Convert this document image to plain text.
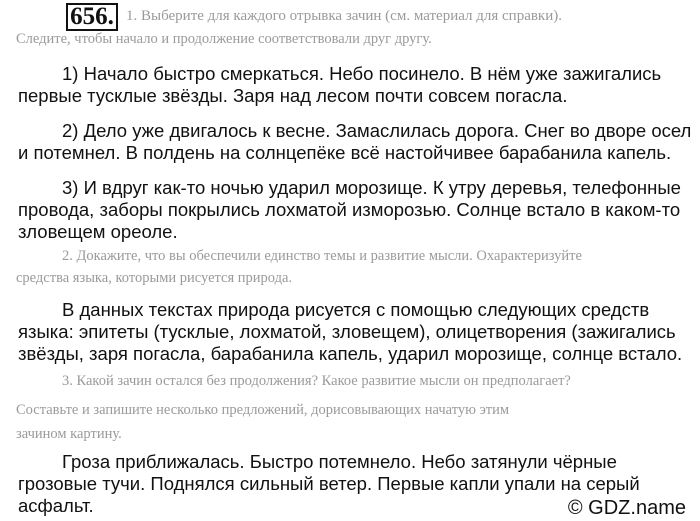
656. 1. Выберите для каждого отрывка зачин (см. материал для справки).
Следите, чтобы начало и продолжение соответствовали друг другу.
1) Начало быстро смеркаться. Небо посинело. В нём уже зажигались
первые тусклые звёзды. Заря над лесом почти совсем погасла.
2) Дело уже двигалось к весне. Замаслилась дорога. Снег во дворе осел
и потемнел. В полдень на солнцепёке всё настойчивее барабанила капель.
3) И вдруг как-то ночью ударил морозище. К утру деревья, телефонные
провода, заборы покрылись лохматой изморозью. Солнце встало в каком-то
зловещем ореоле.
2. Докажите, что вы обеспечили единство темы и развитие мысли. Охарактеризуйте
средства языка, которыми рисуется природа.
В данных текстах природа рисуется с помощью следующих средств
языка: эпитеты (тусклые, лохматой, зловещем), олицетворения (зажигались
звёзды, заря погасла, барабанила капель, ударил морозище, солнце встало.
3. Какой зачин остался без продолжения? Какое развитие мысли он предполагает?
Составьте и запишите несколько предложений, дорисовывающих начатую этим
зачином картину.
Гроза приближалась. Быстро потемнело. Небо затянули чёрные
грозовые тучи. Поднялся сильный ветер. Первые капли упали на серый
асфальт.	© GDZ.name
